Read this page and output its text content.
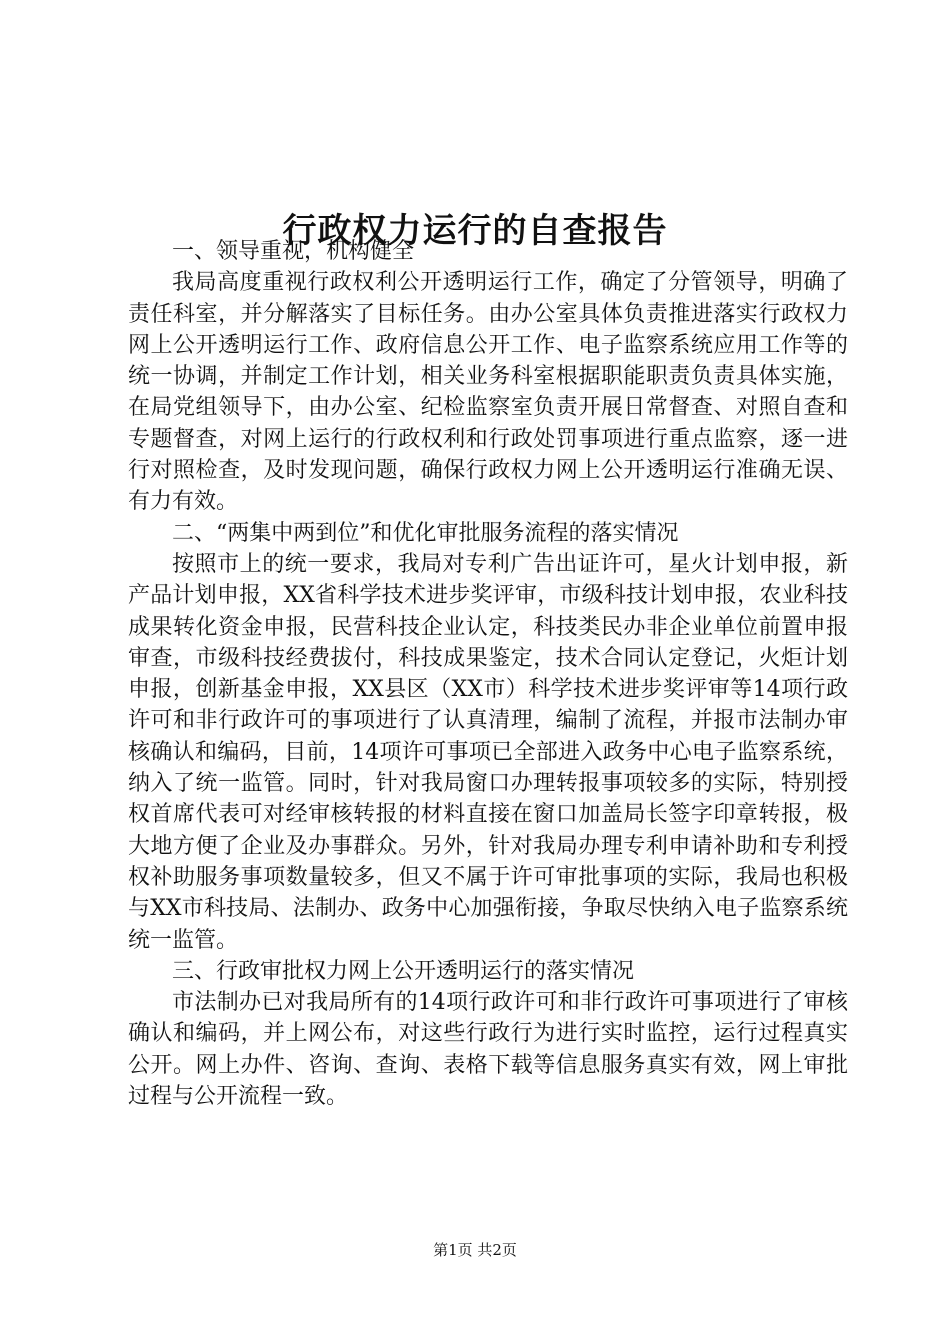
行政权力运行的自查报告

一、领导重视，机构健全

我局高度重视行政权利公开透明运行工作，确定了分管领导，明确了责任科室，并分解落实了目标任务。由办公室具体负责推进落实行政权力网上公开透明运行工作、政府信息公开工作、电子监察系统应用工作等的统一协调，并制定工作计划，相关业务科室根据职能职责负责具体实施，在局党组领导下，由办公室、纪检监察室负责开展日常督查、对照自查和专题督查，对网上运行的行政权利和行政处罚事项进行重点监察，逐一进行对照检查，及时发现问题，确保行政权力网上公开透明运行准确无误、有力有效。

二、“两集中两到位”和优化审批服务流程的落实情况

按照市上的统一要求，我局对专利广告出证许可，星火计划申报，新产品计划申报，XX省科学技术进步奖评审，市级科技计划申报，农业科技成果转化资金申报，民营科技企业认定，科技类民办非企业单位前置申报审查，市级科技经费拔付，科技成果鉴定，技术合同认定登记，火炬计划申报，创新基金申报，XX县区（XX市）科学技术进步奖评审等14项行政许可和非行政许可的事项进行了认真清理，编制了流程，并报市法制办审核确认和编码，目前，14项许可事项已全部进入政务中心电子监察系统，纳入了统一监管。同时，针对我局窗口办理转报事项较多的实际，特别授权首席代表可对经审核转报的材料直接在窗口加盖局长签字印章转报，极大地方便了企业及办事群众。另外，针对我局办理专利申请补助和专利授权补助服务事项数量较多，但又不属于许可审批事项的实际，我局也积极与XX市科技局、法制办、政务中心加强衔接，争取尽快纳入电子监察系统统一监管。

三、行政审批权力网上公开透明运行的落实情况

市法制办已对我局所有的14项行政许可和非行政许可事项进行了审核确认和编码，并上网公布，对这些行政行为进行实时监控，运行过程真实公开。网上办件、咨询、查询、表格下载等信息服务真实有效，网上审批过程与公开流程一致。

第1页 共2页
